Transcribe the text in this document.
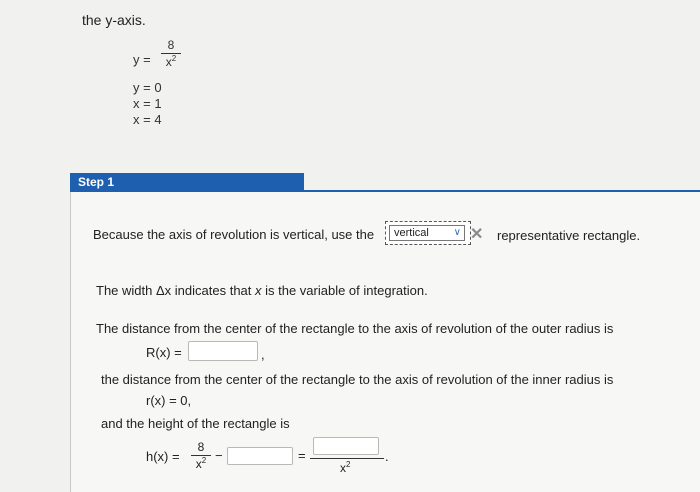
the y-axis.
y =
8
$x^2$
y = 0
x = 1
x = 4
Step 1
Because the axis of revolution is vertical, use the	vertical ∨ ✕ representative rectangle.
The width Δx indicates that x is the variable of integration.
The distance from the center of the rectangle to the axis of revolution of the outer radius is
R(x) =	,
the distance from the center of the rectangle to the axis of revolution of the inner radius is
r(x) = 0,
and the height of the rectangle is
h(x) =
8
$x^2$ −	=
$x^2$
.
